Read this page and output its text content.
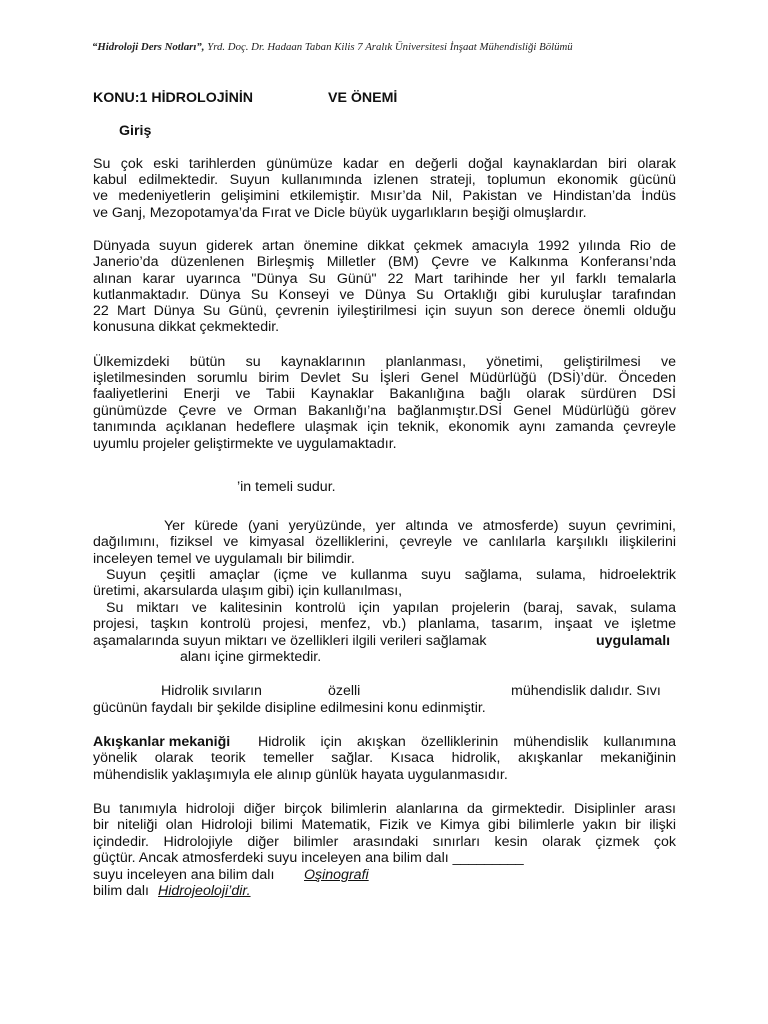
“Hidroloji Ders Notları”, Yrd. Doç. Dr. Hadaan Taban Kilis 7 Aralık Üniversitesi İnşaat Mühendisliği Bölümü
KONU:1 HİDROLOJİNİN	VE ÖNEMİ
Giriş
Su çok eski tarihlerden günümüze kadar en değerli doğal kaynaklardan biri olarak
kabul edilmektedir. Suyun kullanımında izlenen strateji, toplumun ekonomik gücünü
ve medeniyetlerin gelişimini etkilemiştir. Mısır’da Nil, Pakistan ve Hindistan’da İndüs
ve Ganj, Mezopotamya’da Fırat ve Dicle büyük uygarlıkların beşiği olmuşlardır.
Dünyada suyun giderek artan önemine dikkat çekmek amacıyla 1992 yılında Rio de
Janerio’da düzenlenen Birleşmiş Milletler (BM) Çevre ve Kalkınma Konferansı’nda
alınan karar uyarınca "Dünya Su Günü" 22 Mart tarihinde her yıl farklı temalarla
kutlanmaktadır. Dünya Su Konseyi ve Dünya Su Ortaklığı gibi kuruluşlar tarafından
22 Mart Dünya Su Günü, çevrenin iyileştirilmesi için suyun son derece önemli olduğu
konusuna dikkat çekmektedir.
Ülkemizdeki bütün su kaynaklarının planlanması, yönetimi, geliştirilmesi ve
işletilmesinden sorumlu birim Devlet Su İşleri Genel Müdürlüğü (DSİ)’dür. Önceden
faaliyetlerini Enerji ve Tabii Kaynaklar Bakanlığına bağlı olarak sürdüren DSİ
günümüzde Çevre ve Orman Bakanlığı’na bağlanmıştır.DSİ Genel Müdürlüğü görev
tanımında açıklanan hedeflere ulaşmak için teknik, ekonomik aynı zamanda çevreyle
uyumlu projeler geliştirmekte ve uygulamaktadır.
’in temeli sudur.
Yer kürede (yani yeryüzünde, yer altında ve atmosferde) suyun çevrimini,
dağılımını, fiziksel ve kimyasal özelliklerini, çevreyle ve canlılarla karşılıklı ilişkilerini
inceleyen temel ve uygulamalı bir bilimdir.
Suyun çeşitli amaçlar (içme ve kullanma suyu sağlama, sulama, hidroelektrik
üretimi, akarsularda ulaşım gibi) için kullanılması,
Su miktarı ve kalitesinin kontrolü için yapılan projelerin (baraj, savak, sulama
projesi, taşkın kontrolü projesi, menfez, vb.) planlama, tasarım, inşaat ve işletme
aşamalarında suyun miktarı ve özellikleri ilgili verileri sağlamak	uygulamalı
alanı içine girmektedir.
Hidrolik sıvıların	özelli	mühendislik dalıdır. Sıvı
gücünün faydalı bir şekilde disipline edilmesini konu edinmiştir.
Akışkanlar mekaniği Hidrolik için akışkan özelliklerinin mühendislik kullanımına
yönelik olarak teorik temeller sağlar. Kısaca hidrolik, akışkanlar mekaniğinin
mühendislik yaklaşımıyla ele alınıp günlük hayata uygulanmasıdır.
Bu tanımıyla hidroloji diğer birçok bilimlerin alanlarına da girmektedir. Disiplinler arası
bir niteliği olan Hidroloji bilimi Matematik, Fizik ve Kimya gibi bilimlerle yakın bir ilişki
içindedir. Hidrolojiyle diğer bilimler arasındaki sınırları kesin olarak çizmek çok
güçtür. Ancak atmosferdeki suyu inceleyen ana bilim dalı _________
suyu inceleyen ana bilim dalı Oşinografi
bilim dalı Hidrojeoloji’dir.
